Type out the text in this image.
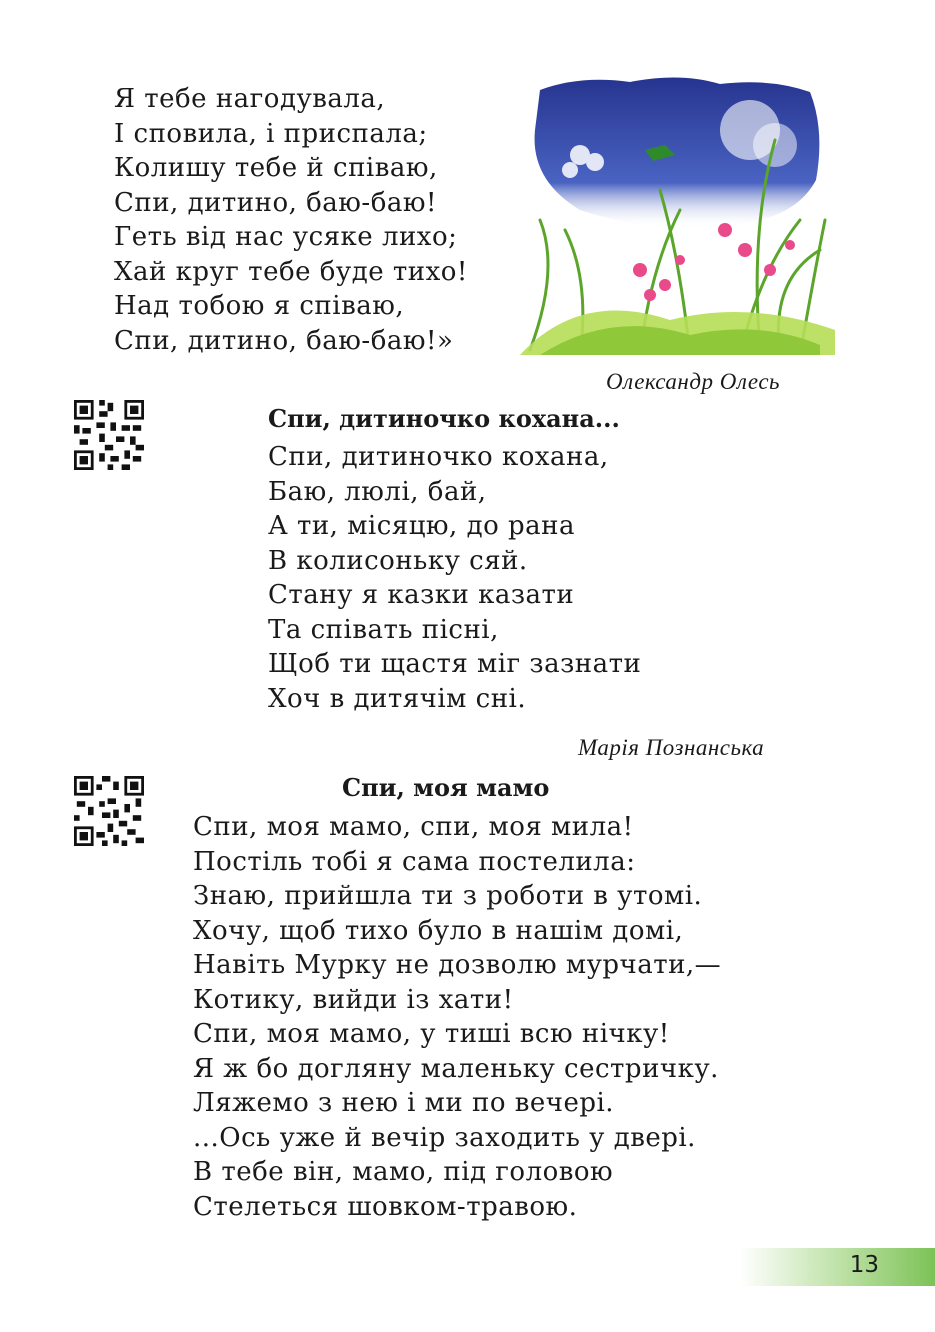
Я тебе нагодувала,
І сповила, і приспала;
Колишу тебе й співаю,
Спи, дитино, баю-баю!
Геть від нас усяке лихо;
Хай круг тебе буде тихо!
Над тобою я співаю,
Спи, дитино, баю-баю!»
Олександр Олесь
Спи, дитиночко кохана...
Спи, дитиночко кохана,
Баю, люлі, бай,
А ти, місяцю, до рана
В колисоньку сяй.
Стану я казки казати
Та співать пісні,
Щоб ти щастя міг зазнати
Хоч в дитячім сні.
Марія Познанська
Спи, моя мамо
Спи, моя мамо, спи, моя мила!
Постіль тобі я сама постелила:
Знаю, прийшла ти з роботи в утомі.
Хочу, щоб тихо було в нашім домі,
Навіть Мурку не дозволю мурчати,—
Котику, вийди із хати!
Спи, моя мамо, у тиші всю нічку!
Я ж бо догляну маленьку сестричку.
Ляжемо з нею і ми по вечері.
...Ось уже й вечір заходить у двері.
В тебе він, мамо, під головою
Стелеться шовком-травою.
13
